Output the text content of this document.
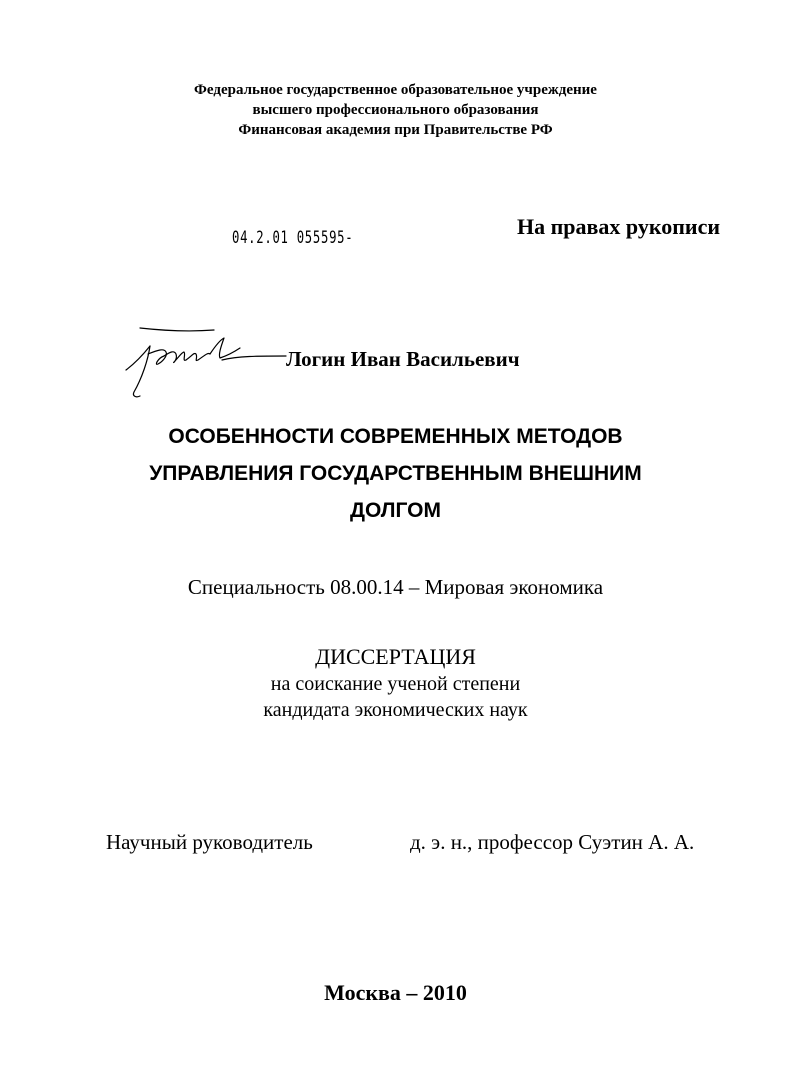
Федеральное государственное образовательное учреждение
высшего профессионального образования
Финансовая академия при Правительстве РФ
04.2.01 055595-	На правах рукописи
Логин Иван Васильевич
ОСОБЕННОСТИ СОВРЕМЕННЫХ МЕТОДОВ
УПРАВЛЕНИЯ ГОСУДАРСТВЕННЫМ ВНЕШНИМ
ДОЛГОМ
Специальность 08.00.14 – Мировая экономика
ДИССЕРТАЦИЯ
на соискание ученой степени
кандидата экономических наук
Научный руководитель	д. э. н., профессор Суэтин А. А.
Москва – 2010
